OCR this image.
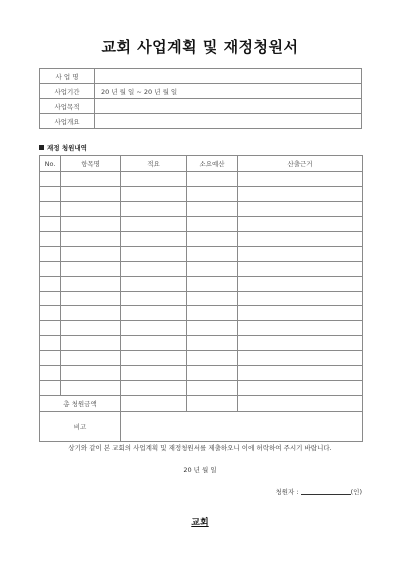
교회 사업계획 및 재정청원서
사 업 명	
사업기간	20 년 월 일 ~ 20 년 월 일
사업목적	
사업개요	
재정 청원내역
No.	항목명	적요	소요예산	산출근거

총 청원금액				
비고				
상기와 같이 본 교회의 사업계획 및 재정청원서를 제출하오니 이에 허락하여 주시기 바랍니다.
20 년 월 일
청원자 :	(인)
교회
